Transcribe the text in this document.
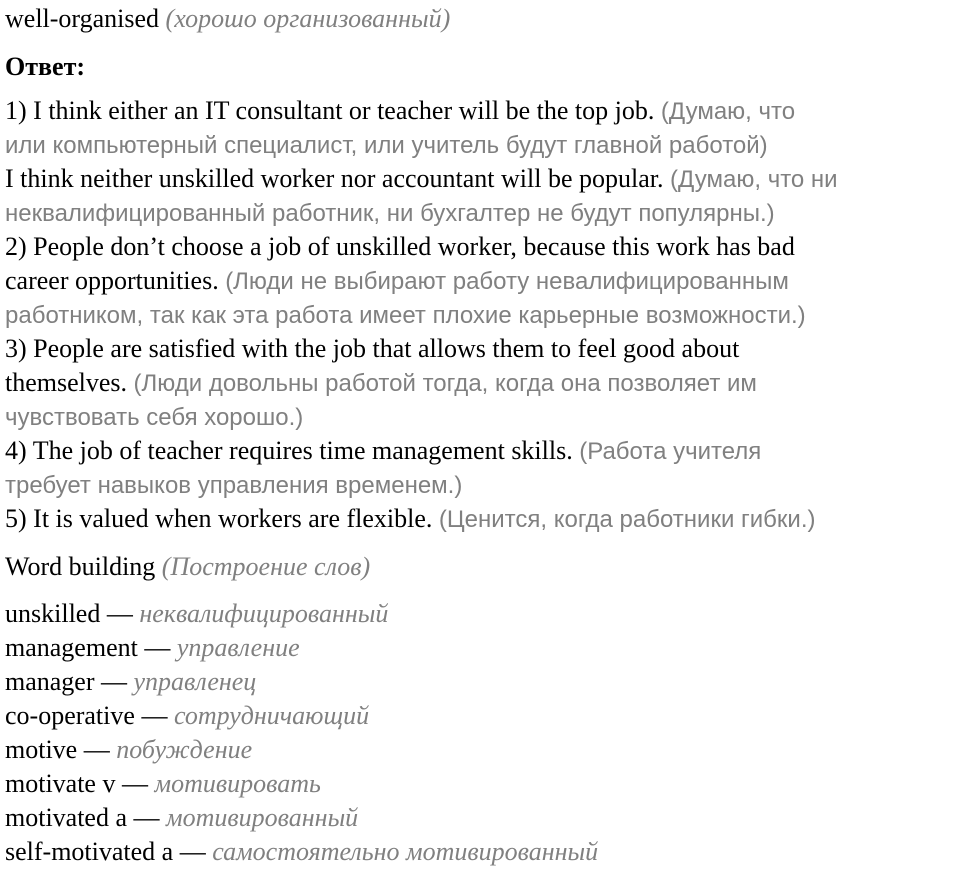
well-organised (хорошо организованный)
Ответ:
1) I think either an IT consultant or teacher will be the top job. (Думаю, что
или компьютерный специалист, или учитель будут главной работой)
I think neither unskilled worker nor accountant will be popular. (Думаю, что ни
неквалифицированный работник, ни бухгалтер не будут популярны.)
2) People don’t choose a job of unskilled worker, because this work has bad
career opportunities. (Люди не выбирают работу невалифицированным
работником, так как эта работа имеет плохие карьерные возможности.)
3) People are satisfied with the job that allows them to feel good about
themselves. (Люди довольны работой тогда, когда она позволяет им
чувствовать себя хорошо.)
4) The job of teacher requires time management skills. (Работа учителя
требует навыков управления временем.)
5) It is valued when workers are flexible. (Ценится, когда работники гибки.)
Word building (Построение слов)
unskilled — неквалифицированный
management — управление
manager — управленец
co-operative — сотрудничающий
motive — побуждение
motivate v — мотивировать
motivated a — мотивированный
self-motivated a — самостоятельно мотивированный
